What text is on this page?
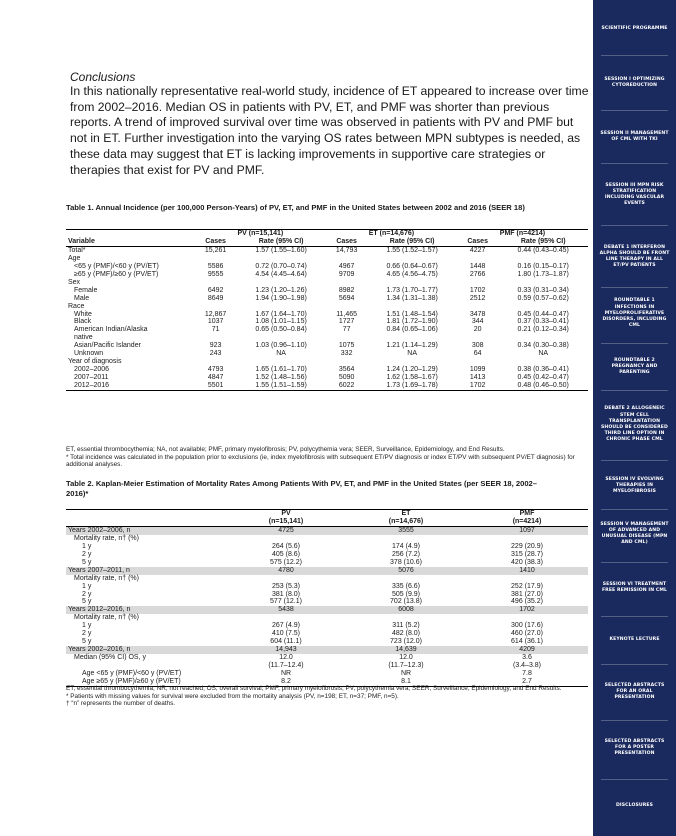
SCIENTIFIC PROGRAMME
SESSION I OPTIMIZING CYTOREDUCTION
SESSION II MANAGEMENT OF CML WITH TKI
SESSION III MPN RISK STRATIFICATION INCLUDING VASCULAR EVENTS
DEBATE 1 INTERFERON ALPHA SHOULD BE FRONT LINE THERAPY IN ALL ET/PV PATIENTS
ROUNDTABLE 1 INFECTIONS IN MYELOPROLIFERATIVE DISORDERS, INCLUDING CML
ROUNDTABLE 2 PREGNANCY AND PARENTING
DEBATE 2 ALLOGENEIC STEM CELL TRANSPLANTATION SHOULD BE CONSIDERED THIRD LINE OPTION IN CHRONIC PHASE CML
SESSION IV EVOLVING THERAPIES IN MYELOFIBROSIS
SESSION V MANAGEMENT OF ADVANCED AND UNUSUAL DISEASE (MPN AND CML)
SESSION VI TREATMENT FREE REMISSION IN CML
KEYNOTE LECTURE
SELECTED ABSTRACTS FOR AN ORAL PRESENTATION
SELECTED ABSTRACTS FOR A POSTER PRESENTATION
DISCLOSURES
Conclusions
In this nationally representative real-world study, incidence of ET appeared to increase over time from 2002–2016. Median OS in patients with PV, ET, and PMF was shorter than previous reports. A trend of improved survival over time was observed in patients with PV and PMF but not in ET. Further investigation into the varying OS rates between MPN subtypes is needed, as these data may suggest that ET is lacking improvements in supportive care strategies or therapies that exist for PV and PMF.
Table 1. Annual Incidence (per 100,000 Person-Years) of PV, ET, and PMF in the United States between 2002 and 2016 (SEER 18)
	PV (n=15,141)		ET (n=14,676)		PMF (n=4214)	
Variable	Cases	Rate (95% CI)	Cases	Rate (95% CI)	Cases	Rate (95% CI)
Total*	15,261	1.57 (1.55–1.60)	14,793	1.55 (1.52–1.57)	4227	0.44 (0.43–0.45)
Age						
<65 y (PMF)/<60 y (PV/ET)	5586	0.72 (0.70–0.74)	4967	0.66 (0.64–0.67)	1448	0.16 (0.15–0.17)
≥65 y (PMF)/≥60 y (PV/ET)	9555	4.54 (4.45–4.64)	9709	4.65 (4.56–4.75)	2766	1.80 (1.73–1.87)
Sex						
Female	6492	1.23 (1.20–1.26)	8982	1.73 (1.70–1.77)	1702	0.33 (0.31–0.34)
Male	8649	1.94 (1.90–1.98)	5694	1.34 (1.31–1.38)	2512	0.59 (0.57–0.62)
Race						
White	12,867	1.67 (1.64–1.70)	11,465	1.51 (1.48–1.54)	3478	0.45 (0.44–0.47)
Black	1037	1.08 (1.01–1.15)	1727	1.81 (1.72–1.90)	344	0.37 (0.33–0.41)
American Indian/Alaska	71	0.65 (0.50–0.84)	77	0.84 (0.65–1.06)	20	0.21 (0.12–0.34)
native						
Asian/Pacific Islander	923	1.03 (0.96–1.10)	1075	1.21 (1.14–1.29)	308	0.34 (0.30–0.38)
Unknown	243	NA	332	NA	64	NA
Year of diagnosis						
2002–2006	4793	1.65 (1.61–1.70)	3564	1.24 (1.20–1.29)	1099	0.38 (0.36–0.41)
2007–2011	4847	1.52 (1.48–1.56)	5090	1.62 (1.58–1.67)	1413	0.45 (0.42–0.47)
2012–2016	5501	1.55 (1.51–1.59)	6022	1.73 (1.69–1.78)	1702	0.48 (0.46–0.50)
ET, essential thrombocythemia; NA, not available; PMF, primary myelofibrosis; PV, polycythemia vera; SEER, Surveillance, Epidemiology, and End Results.
* Total incidence was calculated in the population prior to exclusions (ie, index myelofibrosis with subsequent ET/PV diagnosis or index ET/PV with subsequent PV/ET diagnosis) for additional analyses.
Table 2. Kaplan-Meier Estimation of Mortality Rates Among Patients With PV, ET, and PMF in the United States (per SEER 18, 2002–2016)*
	PV	ET	PMF
	(n=15,141)	(n=14,676)	(n=4214)
Years 2002–2006, n	4725	3555	1097
Mortality rate, n† (%)			
1 y	264 (5.6)	174 (4.9)	229 (20.9)
2 y	405 (8.6)	256 (7.2)	315 (28.7)
5 y	575 (12.2)	378 (10.6)	420 (38.3)
Years 2007–2011, n	4780	5076	1410
Mortality rate, n† (%)			
1 y	253 (5.3)	335 (6.6)	252 (17.9)
2 y	381 (8.0)	505 (9.9)	381 (27.0)
5 y	577 (12.1)	702 (13.8)	496 (35.2)
Years 2012–2016, n	5438	6008	1702
Mortality rate, n† (%)			
1 y	267 (4.9)	311 (5.2)	300 (17.6)
2 y	410 (7.5)	482 (8.0)	460 (27.0)
5 y	604 (11.1)	723 (12.0)	614 (36.1)
Years 2002–2016, n	14,943	14,639	4209
Median (95% CI) OS, y	12.0	12.0	3.6
	(11.7–12.4)	(11.7–12.3)	(3.4–3.8)
Age <65 y (PMF)/<60 y (PV/ET)	NR	NR	7.8
Age ≥65 y (PMF)/≥60 y (PV/ET)	8.2	8.1	2.7
ET, essential thrombocythemia; NR, not reached; OS, overall survival; PMF, primary myelofibrosis; PV, polycythemia vera; SEER, Surveillance, Epidemiology, and End Results.
* Patients with missing values for survival were excluded from the mortality analysis (PV, n=198; ET, n=37; PMF, n=5).
† “n” represents the number of deaths.
